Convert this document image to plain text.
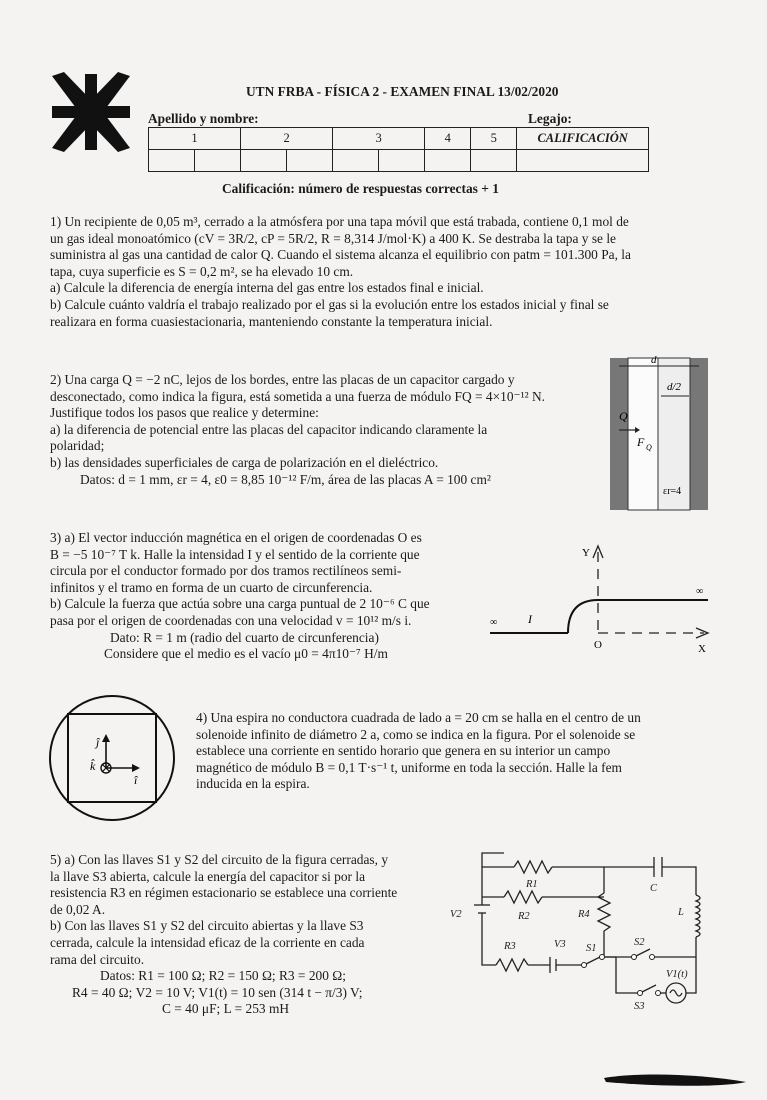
UTN FRBA - FÍSICA 2 - EXAMEN FINAL 13/02/2020
Apellido y nombre:	Legajo:
1		2		3		4	5	CALIFICACIÓN

Calificación: número de respuestas correctas + 1
1) Un recipiente de 0,05 m³, cerrado a la atmósfera por una tapa móvil que está trabada, contiene 0,1 mol de
un gas ideal monoatómico (cV = 3R/2, cP = 5R/2, R = 8,314 J/mol·K) a 400 K. Se destraba la tapa y se le
suministra al gas una cantidad de calor Q. Cuando el sistema alcanza el equilibrio con patm = 101.300 Pa, la
tapa, cuya superficie es S = 0,2 m², se ha elevado 10 cm.
a) Calcule la diferencia de energía interna del gas entre los estados final e inicial.
b) Calcule cuánto valdría el trabajo realizado por el gas si la evolución entre los estados inicial y final se
realizara en forma cuasiestacionaria, manteniendo constante la temperatura inicial.
2) Una carga Q = −2 nC, lejos de los bordes, entre las placas de un capacitor cargado y
desconectado, como indica la figura, está sometida a una fuerza de módulo FQ = 4×10⁻¹² N.
Justifique todos los pasos que realice y determine:
a) la diferencia de potencial entre las placas del capacitor indicando claramente la
polaridad;
b) las densidades superficiales de carga de polarización en el dieléctrico.
Datos: d = 1 mm, εr = 4, ε0 = 8,85 10⁻¹² F/m, área de las placas A = 100 cm²
d
d/2
Q
F Q
εr=4
3) a) El vector inducción magnética en el origen de coordenadas O es
B = −5 10⁻⁷ T k. Halle la intensidad I y el sentido de la corriente que
circula por el conductor formado por dos tramos rectilíneos semi-
infinitos y el tramo en forma de un cuarto de circunferencia.
b) Calcule la fuerza que actúa sobre una carga puntual de 2 10⁻⁶ C que
pasa por el origen de coordenadas con una velocidad v = 10¹² m/s i.
Dato: R = 1 m (radio del cuarto de circunferencia)
Considere que el medio es el vacío μ0 = 4π10⁻⁷ H/m
Y
X
O
I
∞
∞
ĵ
k̂
î
4) Una espira no conductora cuadrada de lado a = 20 cm se halla en el centro de un
solenoide infinito de diámetro 2 a, como se indica en la figura. Por el solenoide se
establece una corriente en sentido horario que genera en su interior un campo
magnético de módulo B = 0,1 T·s⁻¹ t, uniforme en toda la sección. Halle la fem
inducida en la espira.
5) a) Con las llaves S1 y S2 del circuito de la figura cerradas, y
la llave S3 abierta, calcule la energía del capacitor si por la
resistencia R3 en régimen estacionario se establece una corriente
de 0,02 A.
b) Con las llaves S1 y S2 del circuito abiertas y la llave S3
cerrada, calcule la intensidad eficaz de la corriente en cada
rama del circuito.
Datos: R1 = 100 Ω; R2 = 150 Ω; R3 = 200 Ω;
R4 = 40 Ω; V2 = 10 V; V1(t) = 10 sen (314 t − π/3) V;
C = 40 μF; L = 253 mH
R1
R2
R3
R4
V2
V3 S1
S2
S3
C
L
V1(t)
